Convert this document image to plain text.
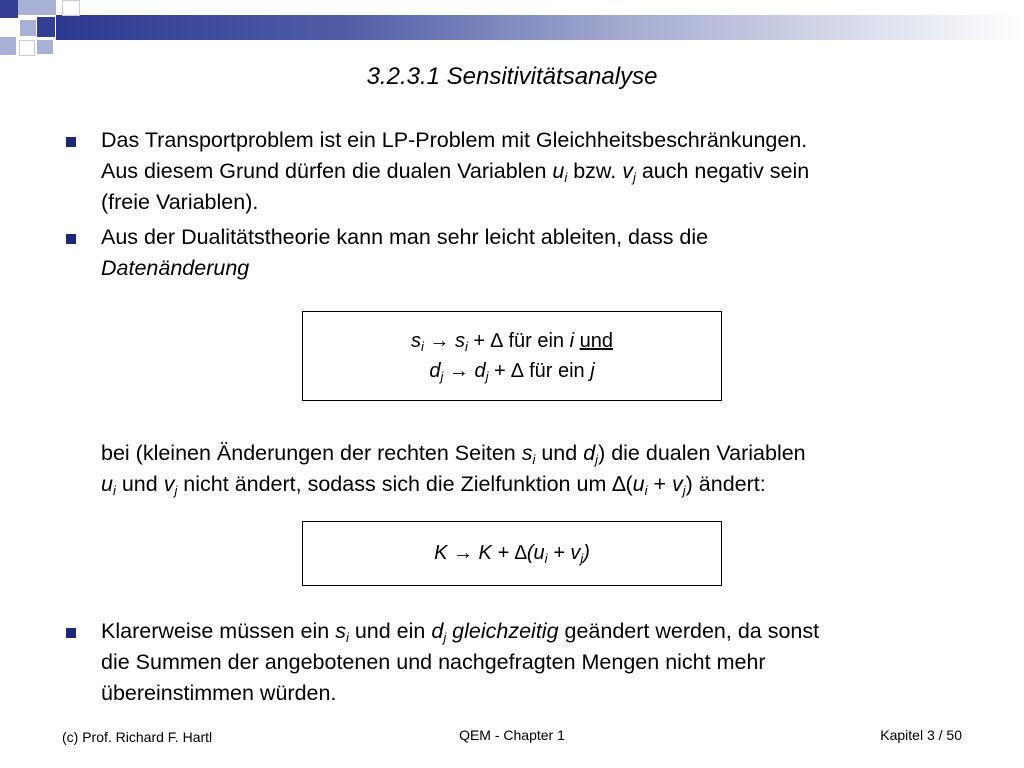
3.2.3.1 Sensitivitätsanalyse
Das Transportproblem ist ein LP-Problem mit Gleichheitsbeschränkungen.
Aus diesem Grund dürfen die dualen Variablen $u_i$ bzw. $v_j$ auch negativ sein
(freie Variablen).
Aus der Dualitätstheorie kann man sehr leicht ableiten, dass die
Datenänderung
$s_i \to s_i$ + ∆ für ein i und
$d_j \to d_j$ + ∆ für ein j
bei (kleinen Änderungen der rechten Seiten $s_i$ und $d_j$) die dualen Variablen
$u_i$ und $v_j$ nicht ändert, sodass sich die Zielfunktion um $\Delta(u_i + v_j)$ ändert:
$K \to K + \Delta(u_i + v_j)$
Klarerweise müssen ein $s_i$ und ein $d_j$ gleichzeitig geändert werden, da sonst
die Summen der angebotenen und nachgefragten Mengen nicht mehr
übereinstimmen würden.
(c) Prof. Richard F. Hartl	QEM - Chapter 1	Kapitel 3 / 50
